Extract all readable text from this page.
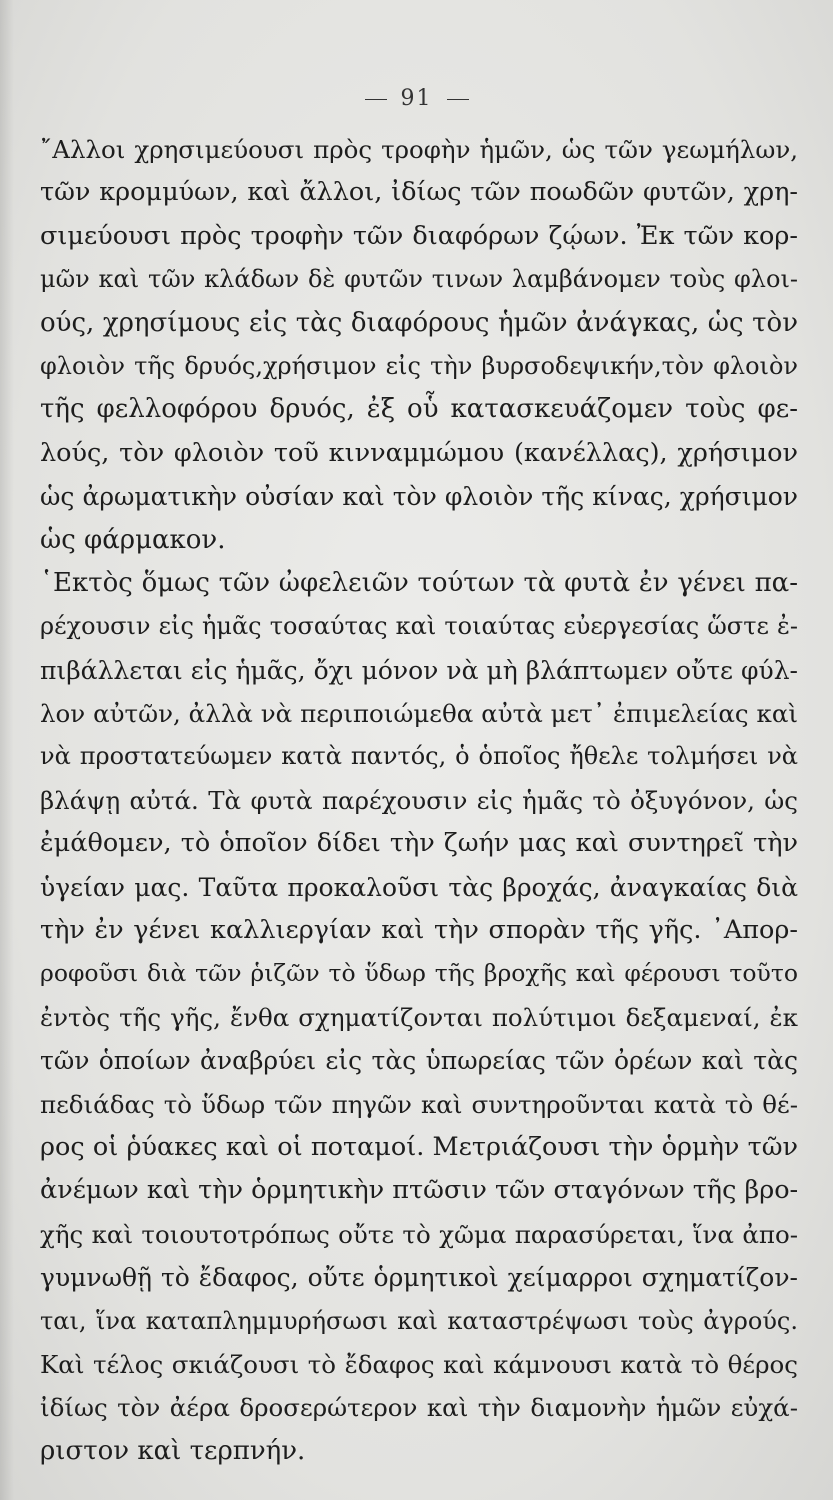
91
῎Αλλοι χρησιμεύουσι πρὸς τροφὴν ἡμῶν, ὡς τῶν γεωμήλων,
τῶν κρομμύων, καὶ ἄλλοι, ἰδίως τῶν ποωδῶν φυτῶν, χρη-
σιμεύουσι πρὸς τροφὴν τῶν διαφόρων ζῴων. Ἐκ τῶν κορ-
μῶν καὶ τῶν κλάδων δὲ φυτῶν τινων λαμβάνομεν τοὺς φλοι-
ούς, χρησίμους εἰς τὰς διαφόρους ἡμῶν ἀνάγκας, ὡς τὸν
φλοιὸν τῆς δρυός,χρήσιμον εἰς τὴν βυρσοδεψικήν,τὸν φλοιὸν
τῆς φελλοφόρου δρυός, ἐξ οὗ κατασκευάζομεν τοὺς φε-
λούς, τὸν φλοιὸν τοῦ κινναμμώμου (κανέλλας), χρήσιμον
ὡς ἀρωματικὴν οὐσίαν καὶ τὸν φλοιὸν τῆς κίνας, χρήσιμον
ὡς φάρμακον.
῾Εκτὸς ὅμως τῶν ὠφελειῶν τούτων τὰ φυτὰ ἐν γένει πα-
ρέχουσιν εἰς ἡμᾶς τοσαύτας καὶ τοιαύτας εὐεργεσίας ὥστε ἐ-
πιβάλλεται εἰς ἡμᾶς, ὄχι μόνον νὰ μὴ βλάπτωμεν οὔτε φύλ-
λον αὐτῶν, ἀλλὰ νὰ περιποιώμεθα αὐτὰ μετ᾿ ἐπιμελείας καὶ
νὰ προστατεύωμεν κατὰ παντός, ὁ ὁποῖος ἤθελε τολμήσει νὰ
βλάψῃ αὐτά. Τὰ φυτὰ παρέχουσιν εἰς ἡμᾶς τὸ ὀξυγόνον, ὡς
ἐμάθομεν, τὸ ὁποῖον δίδει τὴν ζωήν μας καὶ συντηρεῖ τὴν
ὑγείαν μας. Ταῦτα προκαλοῦσι τὰς βροχάς, ἀναγκαίας διὰ
τὴν ἐν γένει καλλιεργίαν καὶ τὴν σπορὰν τῆς γῆς. ᾿Απορ-
ροφοῦσι διὰ τῶν ῥιζῶν τὸ ὕδωρ τῆς βροχῆς καὶ φέρουσι τοῦτο
ἐντὸς τῆς γῆς, ἔνθα σχηματίζονται πολύτιμοι δεξαμεναί, ἐκ
τῶν ὁποίων ἀναβρύει εἰς τὰς ὑπωρείας τῶν ὀρέων καὶ τὰς
πεδιάδας τὸ ὕδωρ τῶν πηγῶν καὶ συντηροῦνται κατὰ τὸ θέ-
ρος οἱ ῥύακες καὶ οἱ ποταμοί. Μετριάζουσι τὴν ὁρμὴν τῶν
ἀνέμων καὶ τὴν ὁρμητικὴν πτῶσιν τῶν σταγόνων τῆς βρο-
χῆς καὶ τοιουτοτρόπως οὔτε τὸ χῶμα παρασύρεται, ἵνα ἀπο-
γυμνωθῇ τὸ ἔδαφος, οὔτε ὁρμητικοὶ χείμαρροι σχηματίζον-
ται, ἵνα καταπλημμυρήσωσι καὶ καταστρέψωσι τοὺς ἀγρούς.
Καὶ τέλος σκιάζουσι τὸ ἔδαφος καὶ κάμνουσι κατὰ τὸ θέρος
ἰδίως τὸν ἀέρα δροσερώτερον καὶ τὴν διαμονὴν ἡμῶν εὐχά-
ριστον καὶ τερπνήν.
